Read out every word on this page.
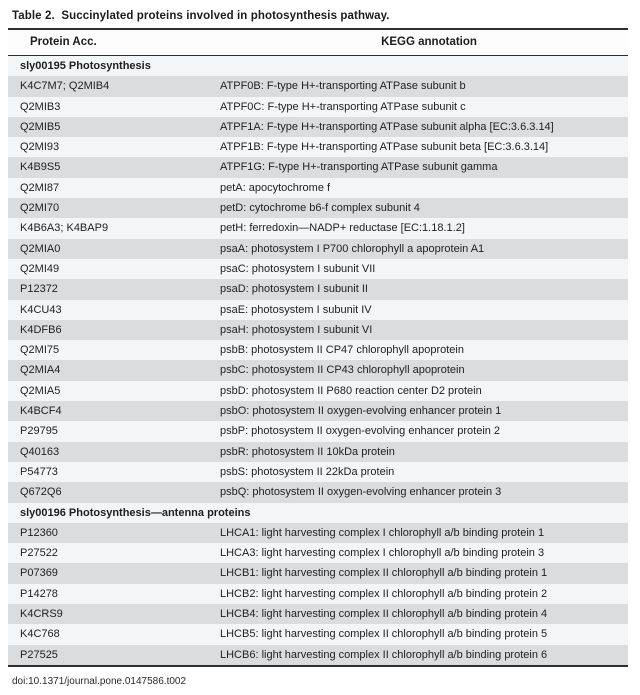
Table 2.  Succinylated proteins involved in photosynthesis pathway.
Protein Acc.	KEGG annotation
sly00195 Photosynthesis
K4C7M7; Q2MIB4	ATPF0B: F-type H+-transporting ATPase subunit b
Q2MIB3	ATPF0C: F-type H+-transporting ATPase subunit c
Q2MIB5	ATPF1A: F-type H+-transporting ATPase subunit alpha [EC:3.6.3.14]
Q2MI93	ATPF1B: F-type H+-transporting ATPase subunit beta [EC:3.6.3.14]
K4B9S5	ATPF1G: F-type H+-transporting ATPase subunit gamma
Q2MI87	petA: apocytochrome f
Q2MI70	petD: cytochrome b6-f complex subunit 4
K4B6A3; K4BAP9	petH: ferredoxin—NADP+ reductase [EC:1.18.1.2]
Q2MIA0	psaA: photosystem I P700 chlorophyll a apoprotein A1
Q2MI49	psaC: photosystem I subunit VII
P12372	psaD: photosystem I subunit II
K4CU43	psaE: photosystem I subunit IV
K4DFB6	psaH: photosystem I subunit VI
Q2MI75	psbB: photosystem II CP47 chlorophyll apoprotein
Q2MIA4	psbC: photosystem II CP43 chlorophyll apoprotein
Q2MIA5	psbD: photosystem II P680 reaction center D2 protein
K4BCF4	psbO: photosystem II oxygen-evolving enhancer protein 1
P29795	psbP: photosystem II oxygen-evolving enhancer protein 2
Q40163	psbR: photosystem II 10kDa protein
P54773	psbS: photosystem II 22kDa protein
Q672Q6	psbQ: photosystem II oxygen-evolving enhancer protein 3
sly00196 Photosynthesis—antenna proteins
P12360	LHCA1: light harvesting complex I chlorophyll a/b binding protein 1
P27522	LHCA3: light harvesting complex I chlorophyll a/b binding protein 3
P07369	LHCB1: light harvesting complex II chlorophyll a/b binding protein 1
P14278	LHCB2: light harvesting complex II chlorophyll a/b binding protein 2
K4CRS9	LHCB4: light harvesting complex II chlorophyll a/b binding protein 4
K4C768	LHCB5: light harvesting complex II chlorophyll a/b binding protein 5
P27525	LHCB6: light harvesting complex II chlorophyll a/b binding protein 6
doi:10.1371/journal.pone.0147586.t002
